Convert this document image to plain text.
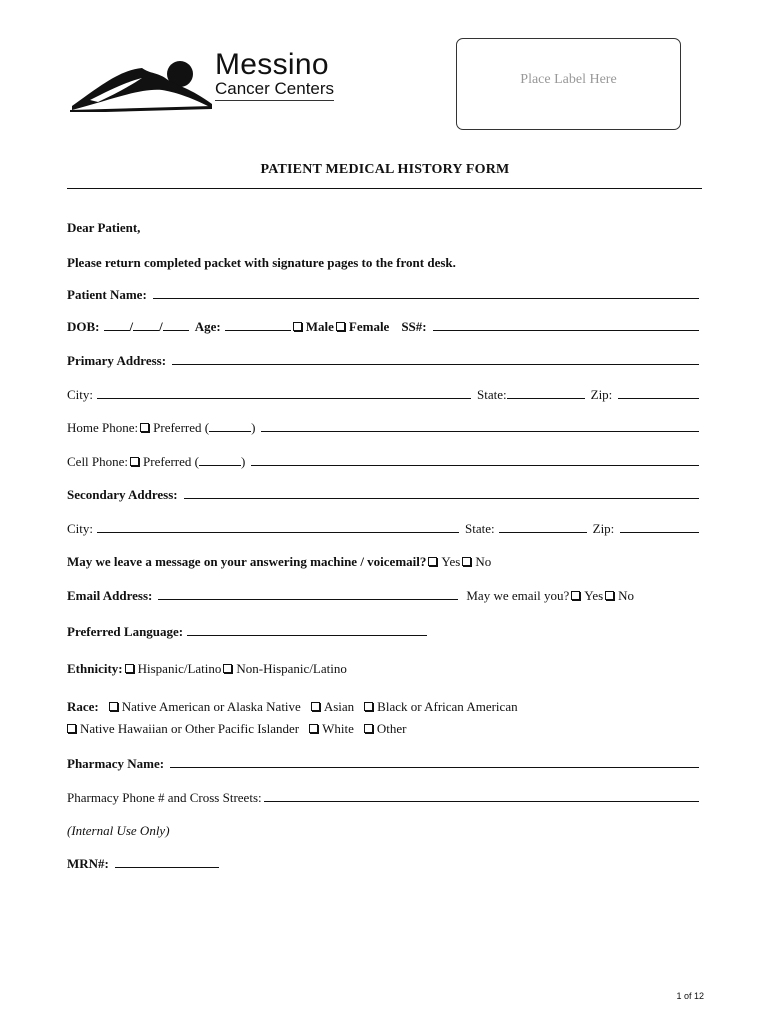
Messino
Cancer Centers	Place Label Here
PATIENT MEDICAL HISTORY FORM
Dear Patient,
Please return completed packet with signature pages to the front desk.
Patient Name:
DOB: / / Age:	Male Female SS#:
Primary Address:
City:	State:	Zip:
Home Phone: Preferred (	)
Cell Phone: Preferred (	)
Secondary Address:
City:	State:	Zip:
May we leave a message on your answering machine / voicemail? Yes No
Email Address:	May we email you? Yes No
Preferred Language:
Ethnicity: Hispanic/Latino Non-Hispanic/Latino
Race: Native American or Alaska Native Asian Black or African American
Native Hawaiian or Other Pacific Islander White Other
Pharmacy Name:
Pharmacy Phone # and Cross Streets:
(Internal Use Only)
MRN#:
1 of 12
